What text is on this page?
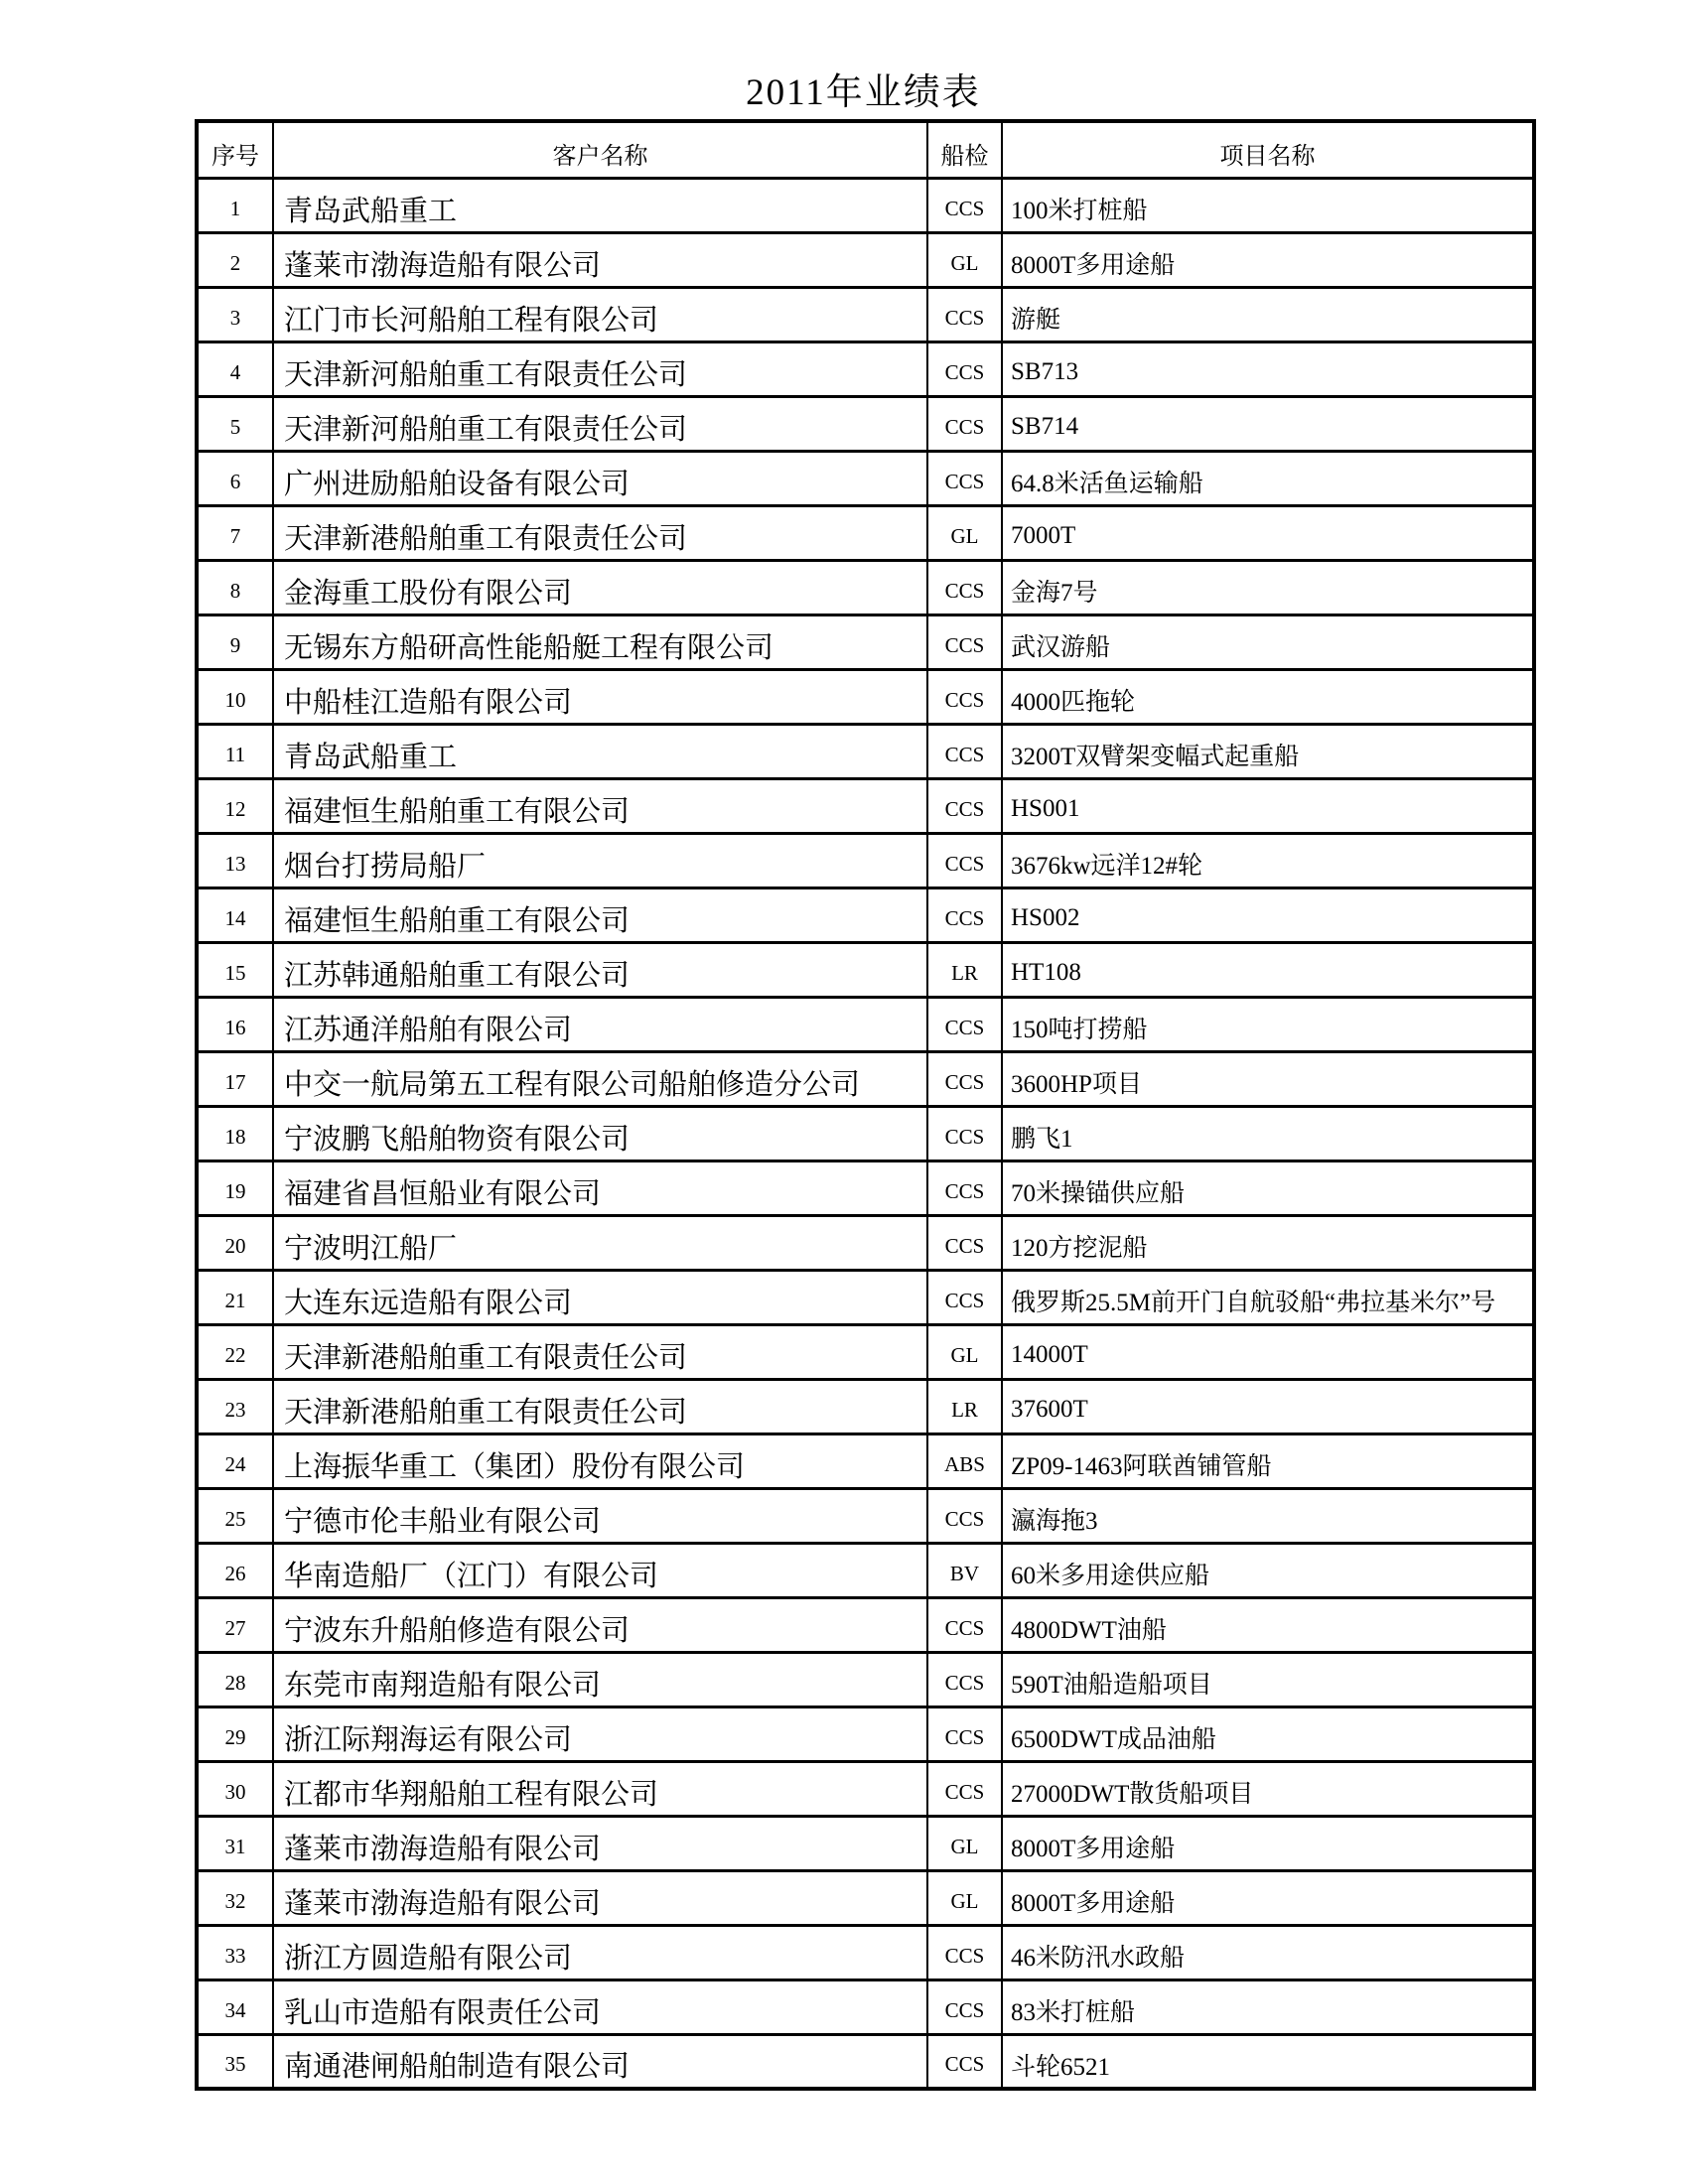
2011年业绩表
序号	客户名称	船检	项目名称
1	青岛武船重工	CCS	100米打桩船
2	蓬莱市渤海造船有限公司	GL	8000T多用途船
3	江门市长河船舶工程有限公司	CCS	游艇
4	天津新河船舶重工有限责任公司	CCS	SB713
5	天津新河船舶重工有限责任公司	CCS	SB714
6	广州进励船舶设备有限公司	CCS	64.8米活鱼运输船
7	天津新港船舶重工有限责任公司	GL	7000T
8	金海重工股份有限公司	CCS	金海7号
9	无锡东方船研高性能船艇工程有限公司	CCS	武汉游船
10	中船桂江造船有限公司	CCS	4000匹拖轮
11	青岛武船重工	CCS	3200T双臂架变幅式起重船
12	福建恒生船舶重工有限公司	CCS	HS001
13	烟台打捞局船厂	CCS	3676kw远洋12#轮
14	福建恒生船舶重工有限公司	CCS	HS002
15	江苏韩通船舶重工有限公司	LR	HT108
16	江苏通洋船舶有限公司	CCS	150吨打捞船
17	中交一航局第五工程有限公司船舶修造分公司	CCS	3600HP项目
18	宁波鹏飞船舶物资有限公司	CCS	鹏飞1
19	福建省昌恒船业有限公司	CCS	70米操锚供应船
20	宁波明江船厂	CCS	120方挖泥船
21	大连东远造船有限公司	CCS	俄罗斯25.5M前开门自航驳船“弗拉基米尔”号
22	天津新港船舶重工有限责任公司	GL	14000T
23	天津新港船舶重工有限责任公司	LR	37600T
24	上海振华重工（集团）股份有限公司	ABS	ZP09-1463阿联酋铺管船
25	宁德市伦丰船业有限公司	CCS	瀛海拖3
26	华南造船厂（江门）有限公司	BV	60米多用途供应船
27	宁波东升船舶修造有限公司	CCS	4800DWT油船
28	东莞市南翔造船有限公司	CCS	590T油船造船项目
29	浙江际翔海运有限公司	CCS	6500DWT成品油船
30	江都市华翔船舶工程有限公司	CCS	27000DWT散货船项目
31	蓬莱市渤海造船有限公司	GL	8000T多用途船
32	蓬莱市渤海造船有限公司	GL	8000T多用途船
33	浙江方圆造船有限公司	CCS	46米防汛水政船
34	乳山市造船有限责任公司	CCS	83米打桩船
35	南通港闸船舶制造有限公司	CCS	斗轮6521
